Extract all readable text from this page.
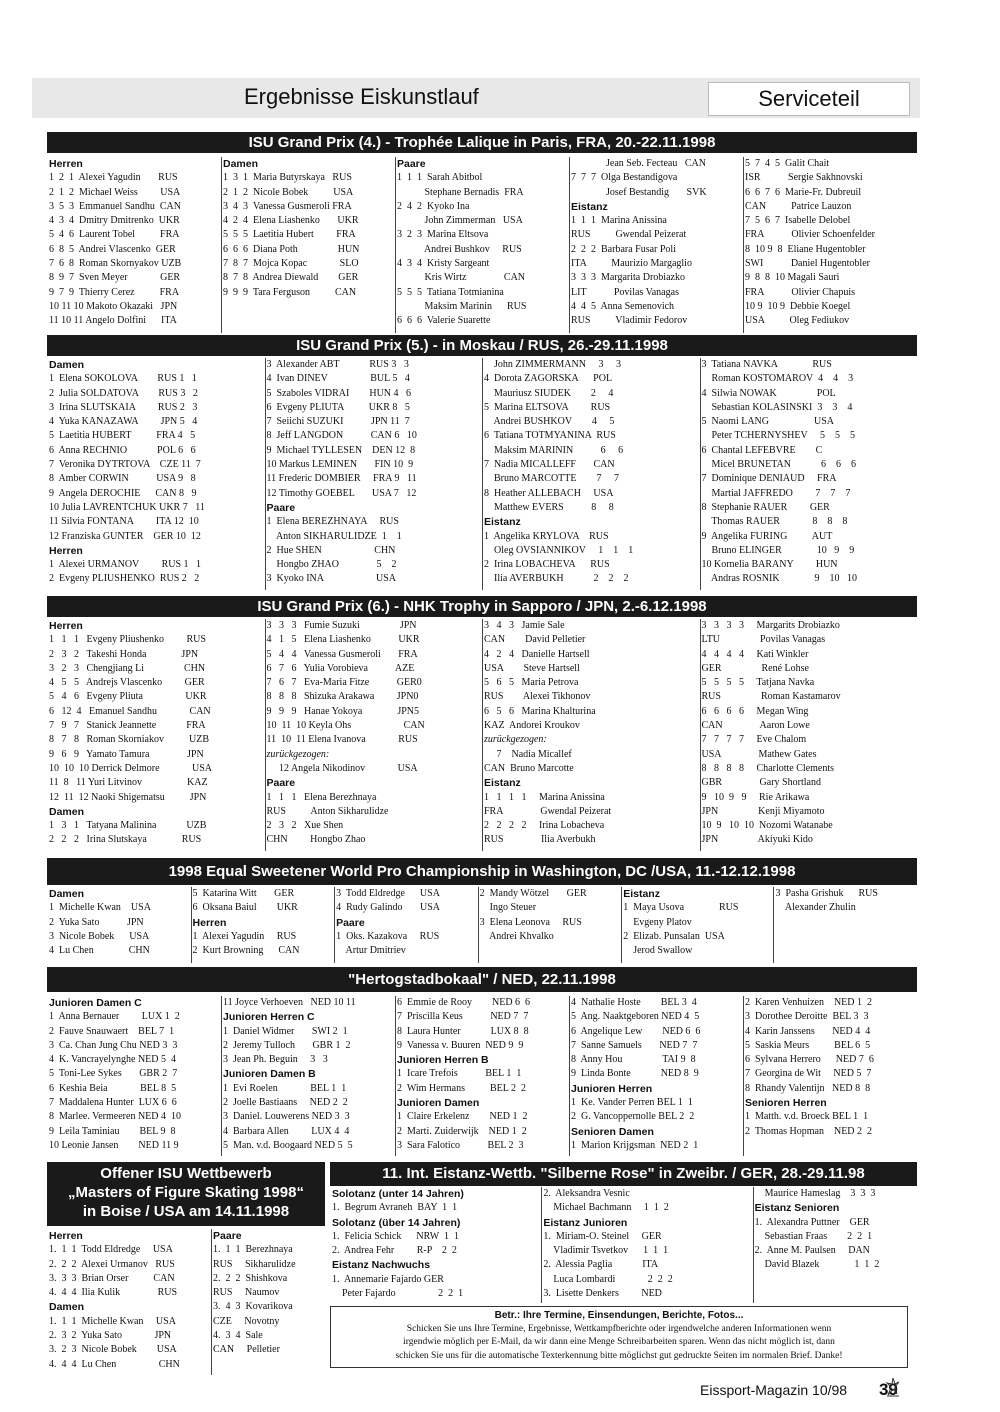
Ergebnisse Eiskunstlauf	Serviceteil
ISU Grand Prix (4.) - Trophée Lalique in Paris, FRA, 20.-22.11.1998
Herren
1  2  1  Alexei Yagudin       RUS
2  1  2  Michael Weiss         USA
3  5  3  Emmanuel Sandhu  CAN
4  3  4  Dmitry Dmitrenko  UKR
5  4  6  Laurent Tobel          FRA
6  8  5  Andrei Vlascenko  GER
7  6  8  Roman Skornyakov UZB
8  9  7  Sven Meyer             GER
9  7  9  Thierry Cerez          FRA
10 11 10 Makoto Okazaki   JPN
11 10 11 Angelo Dolfini      ITA
Damen
1  3  1  Maria Butyrskaya   RUS
2  1  2  Nicole Bobek          USA
3  4  3  Vanessa Gusmeroli FRA
4  2  4  Elena Liashenko       UKR
5  5  5  Laetitia Hubert         FRA
6  6  6  Diana Poth                HUN
7  8  7  Mojca Kopac             SLO
8  7  8  Andrea Diewald        GER
9  9  9  Tara Ferguson          CAN
Paare
1  1  1  Sarah Abitbol
Stephane Bernadis  FRA
2  4  2  Kyoko Ina
John Zimmerman   USA
3  2  3  Marina Eltsova
Andrei Bushkov     RUS
4  3  4  Kristy Sargeant
Kris Wirtz               CAN
5  5  5  Tatiana Totmianina
Maksim Marinin      RUS
6  6  6  Valerie Suarette
Jean Seb. Fecteau   CAN
7  7  7  Olga Bestandigova
Josef Bestandig       SVK
Eistanz
1  1  1  Marina Anissina
RUS          Gwendal Peizerat
2  2  2  Barbara Fusar Poli
ITA          Maurizio Margaglio
3  3  3  Margarita Drobiazko
LIT           Povilas Vanagas
4  4  5  Anna Semenovich
RUS          Vladimir Fedorov
5  7  4  5  Galit Chait
ISR           Sergie Sakhnovski
6  6  7  6  Marie-Fr. Dubreuil
CAN          Patrice Lauzon
7  5  6  7  Isabelle Delobel
FRA           Olivier Schoenfelder
8  10 9  8  Eliane Hugentobler
SWI           Daniel Hugentobler
9  8  8  10 Magali Sauri
FRA           Olivier Chapuis
10 9  10 9  Debbie Koegel
USA          Oleg Fediukov
ISU Grand Prix (5.) - in Moskau / RUS, 26.-29.11.1998
Damen
1  Elena SOKOLOVA        RUS 1   1
2  Julia SOLDATOVA        RUS 3   2
3  Irina SLUTSKAIA         RUS 2   3
4  Yuka KANAZAWA         JPN 5   4
5  Laetitia HUBERT          FRA 4   5
6  Anna RECHNIO            POL 6   6
7  Veronika DYTRTOVA    CZE 11  7
8  Amber CORWIN           USA 9   8
9  Angela DEROCHIE      CAN 8   9
10 Julia LAVRENTCHUK UKR 7   11
11 Silvia FONTANA         ITA 12  10
12 Franziska GUNTER    GER 10  12
Herren
1  Alexei URMANOV         RUS 1   1
2  Evgeny PLIUSHENKO  RUS 2   2
3  Alexander ABT            RUS 3   3
4  Ivan DINEV                 BUL 5   4
5  Szaboles VIDRAI        HUN 4   6
6  Evgeny PLIUTA          UKR 8   5
7  Seiichi SUZUKI           JPN 11  7
8  Jeff LANGDON           CAN 6   10
9  Michael TYLLESEN    DEN 12  8
10 Markus LEMINEN       FIN 10  9
11 Frederic DOMBIER     FRA 9   11
12 Timothy GOEBEL       USA 7   12
Paare
1  Elena BEREZHNAYA     RUS
Anton SIKHARULIDZE  1    1
2  Hue SHEN                     CHN
Hongbo ZHAO               5    2
3  Kyoko INA                     USA
John ZIMMERMANN     3     3
4  Dorota ZAGORSKA      POL
Mauriusz SIUDEK        2     4
5  Marina ELTSOVA         RUS
Andrei BUSHKOV        4     5
6  Tatiana TOTMYANINA  RUS
Maksim MARININ           6     6
7  Nadia MICALLEFF       CAN
Bruno MARCOTTE        7     7
8  Heather ALLEBACH     USA
Matthew EVERS           8     8
Eistanz
1  Angelika KRYLOVA    RUS
Oleg OVSIANNIKOV     1    1    1
2  Irina LOBACHEVA      RUS
Ilia AVERBUKH            2    2    2
3  Tatiana NAVKA              RUS
Roman KOSTOMAROV  4    4    3
4  Silwia NOWAK                POL
Sebastian KOLASINSKI  3    3    4
5  Naomi LANG                  USA
Peter TCHERNYSHEV     5    5    5
6  Chantal LEFEBVRE        C
Micel BRUNETAN            6    6    6
7  Dominique DENIAUD     FRA
Martial JAFFREDO         7    7    7
8  Stephanie RAUER         GER
Thomas RAUER             8    8    8
9  Angelika FURING          AUT
Bruno ELINGER              10   9    9
10 Kornelia BARANY         HUN
Andras ROSNIK              9    10   10
ISU Grand Prix (6.) - NHK Trophy in Sapporo / JPN, 2.-6.12.1998
Herren
1   1   1   Evgeny Pliushenko         RUS
2   3   2   Takeshi Honda              JPN
3   2   3   Chengjiang Li                CHN
4   5   5   Andrejs Vlascenko         GER
5   4   6   Evgeny Pliuta                 UKR
6   12  4   Emanuel Sandhu             CAN
7   9   7   Stanick Jeannette            FRA
8   7   8   Roman Skorniakov          UZB
9   6   9   Yamato Tamura               JPN
10  10  10 Derrick Delmore             USA
11  8   11 Yuri Litvinov                  KAZ
12  11  12 Naoki Shigematsu          JPN
Damen
1   3   1   Tatyana Malinina            UZB
2   2   2   Irina Slutskaya              RUS
3   3   3   Fumie Suzuki                JPN
4   1   5   Elena Liashenko           UKR
5   4   4   Vanessa Gusmeroli       FRA
6   7   6   Yulia Vorobieva           AZE
7   6   7   Eva-Maria Fitze           GER0
8   8   8   Shizuka Arakawa         JPN0
9   9   9   Hanae Yokoya              JPN5
10  11  10 Keyla Ohs                     CAN
11  10  11 Elena Ivanova             RUS
zurückgezogen:
12 Angela Nikodinov             USA
Paare
1   1   1   Elena Berezhnaya
RUS          Anton Sikharulidze
2   3   2   Xue Shen
CHN         Hongbo Zhao
3   4   3   Jamie Sale
CAN        David Pelletier
4   2   4   Danielle Hartsell
USA        Steve Hartsell
5   6   5   Maria Petrova
RUS        Alexei Tikhonov
6   5   6   Marina Khalturina
KAZ  Andorei Kroukov
zurückgezogen:
7    Nadia Micallef
CAN  Bruno Marcotte
Eistanz
1   1   1   1     Marina Anissina
FRA               Gwendal Peizerat
2   2   2   2     Irina Lobacheva
RUS               Ilia Averbukh
3   3   3   3     Margarits Drobiazko
LTU                Povilas Vanagas
4   4   4   4     Kati Winkler
GER                René Lohse
5   5   5   5     Tatjana Navka
RUS                Roman Kastamarov
6   6   6   6     Megan Wing
CAN               Aaron Lowe
7   7   7   7     Eve Chalom
USA               Mathew Gates
8   8   8   8     Charlotte Clements
GBR               Gary Shortland
9   10  9   9     Rie Arikawa
JPN                Kenji Miyamoto
10  9   10  10  Nozomi Watanabe
JPN                Akiyuki Kido
1998 Equal Sweetener World Pro Championship in Washington, DC /USA, 11.-12.12.1998
Damen
1  Michelle Kwan    USA
2  Yuka Sato           JPN
3  Nicole Bobek      USA
4  Lu Chen              CHN
5  Katarina Witt       GER
6  Oksana Baiul        UKR
Herren
1  Alexei Yagudin     RUS
2  Kurt Browning      CAN
3  Todd Eldredge      USA
4  Rudy Galindo       USA
Paare
1  Oks. Kazakova     RUS
Artur Dmitriev
2  Mandy Wötzel       GER
Ingo Steuer
3  Elena Leonova     RUS
Andrei Khvalko
Eistanz
1  Maya Usova              RUS
Evgeny Platov
2  Elizab. Punsalan  USA
Jerod Swallow
3  Pasha Grishuk      RUS
Alexander Zhulin
"Hertogstadbokaal" / NED, 22.11.1998
Junioren Damen C
1  Anna Bernauer         LUX 1  2
2  Fauve Snauwaert    BEL 7  1
3  Ca. Chan Jung Chu NED 3  3
4  K. Vancrayelynghe NED 5  4
5  Toni-Lee Sykes       GBR 2  7
6  Keshia Beia             BEL 8  5
7  Maddalena Hunter  LUX 6  6
8  Marlee. Vermeeren NED 4  10
9  Leila Taminiau        BEL 9  8
10 Leonie Jansen        NED 11 9
11 Joyce Verhoeven   NED 10 11
Junioren Herren C
1  Daniel Widmer       SWI 2  1
2  Jeremy Tulloch       GBR 1  2
3  Jean Ph. Beguin     3   3
Junioren Damen B
1  Evi Roelen             BEL 1  1
2  Joelle Bastiaans     NED 2  2
3  Daniel. Louwerens NED 3  3
4  Barbara Allen         LUX 4  4
5  Man. v.d. Boogaard NED 5  5
6  Emmie de Rooy        NED 6  6
7  Priscilla Keus           NED 7  7
8  Laura Hunter            LUX 8  8
9  Vanessa v. Buuren  NED 9  9
Junioren Herren B
1  Icare Trefois           BEL 1  1
2  Wim Hermans          BEL 2  2
Junioren Damen
1  Claire Erkelenz        NED 1  2
2  Marti. Zuiderwijk    NED 1  2
3  Sara Falotico           BEL 2  3
4  Nathalie Hoste        BEL 3  4
5  Ang. Naaktgeboren NED 4  5
6  Angelique Lew        NED 6  6
7  Sanne Samuels       NED 7  7
8  Anny Hou                TAI 9  8
9  Linda Bonte            NED 8  9
Junioren Herren
1  Ke. Vander Perren BEL 1  1
2  G. Vancoppernolle BEL 2  2
Senioren Damen
1  Marion Krijgsman  NED 2  1
2  Karen Venhuizen    NED 1  2
3  Dorothee Deroitte  BEL 3  3
4  Karin Janssens       NED 4  4
5  Saskia Meurs          BEL 6  5
6  Sylvana Herrero      NED 7  6
7  Georgina de Wit     NED 5  7
8  Rhandy Valentijn   NED 8  8
Senioren Herren
1  Matth. v.d. Broeck BEL 1  1
2  Thomas Hopman    NED 2  2
Offener ISU Wettbewerb
„Masters of Figure Skating 1998“
in Boise / USA am 14.11.1998
Herren
1.  1  1  Todd Eldredge     USA
2.  2  2  Alexei Urmanov   RUS
3.  3  3  Brian Orser          CAN
4.  4  4  Ilia Kulik               RUS
Damen
1.  1  1  Michelle Kwan     USA
2.  3  2  Yuka Sato             JPN
3.  2  3  Nicole Bobek        USA
4.  4  4  Lu Chen                 CHN
Paare
1.  1  1  Berezhnaya
RUS     Sikharulidze
2.  2  2  Shishkova
RUS     Naumov
3.  4  3  Kovarikova
CZE     Novotny
4.  3  4  Sale
CAN     Pelletier
11. Int. Eistanz-Wettb. "Silberne Rose" in Zweibr. / GER, 28.-29.11.98
Solotanz (unter 14 Jahren)
1.  Begrum Avraneh  BAY  1  1
Solotanz (über 14 Jahren)
1.  Felicia Schick      NRW  1  1
2.  Andrea Fehr         R-P    2  2
Eistanz Nachwuchs
1.  Annemarie Fajardo GER
Peter Fajardo                 2  2  1
2.  Aleksandra Vesnic
Michael Bachmann     1  1  2
Eistanz Junioren
1.  Miriam-O. Steinel     GER
Vladimir Tsvetkov      1  1  1
2.  Alessia Paglia            ITA
Luca Lombardi             2  2  2
3.  Lisette Denkers         NED
Maurice Hameslag    3  3  3
Eistanz Senioren
1.  Alexandra Puttner    GER
Sebastian Fraas        2  2  1
2.  Anne M. Paulsen     DAN
David Blazek              1  1  2
Betr.: Ihre Termine, Einsendungen, Berichte, Fotos...
Schicken Sie uns Ihre Termine, Ergebnisse, Wettkampfberichte oder irgendwelche anderen Informationen wenn
irgendwie möglich per E-Mail, da wir dann eine Menge Schreibarbeiten sparen. Wenn das nicht möglich ist, dann
schicken Sie uns für die automatische Texterkennung bitte möglichst gut gedruckte Seiten im normalen Brief. Danke!
Eissport-Magazin 10/98 39
